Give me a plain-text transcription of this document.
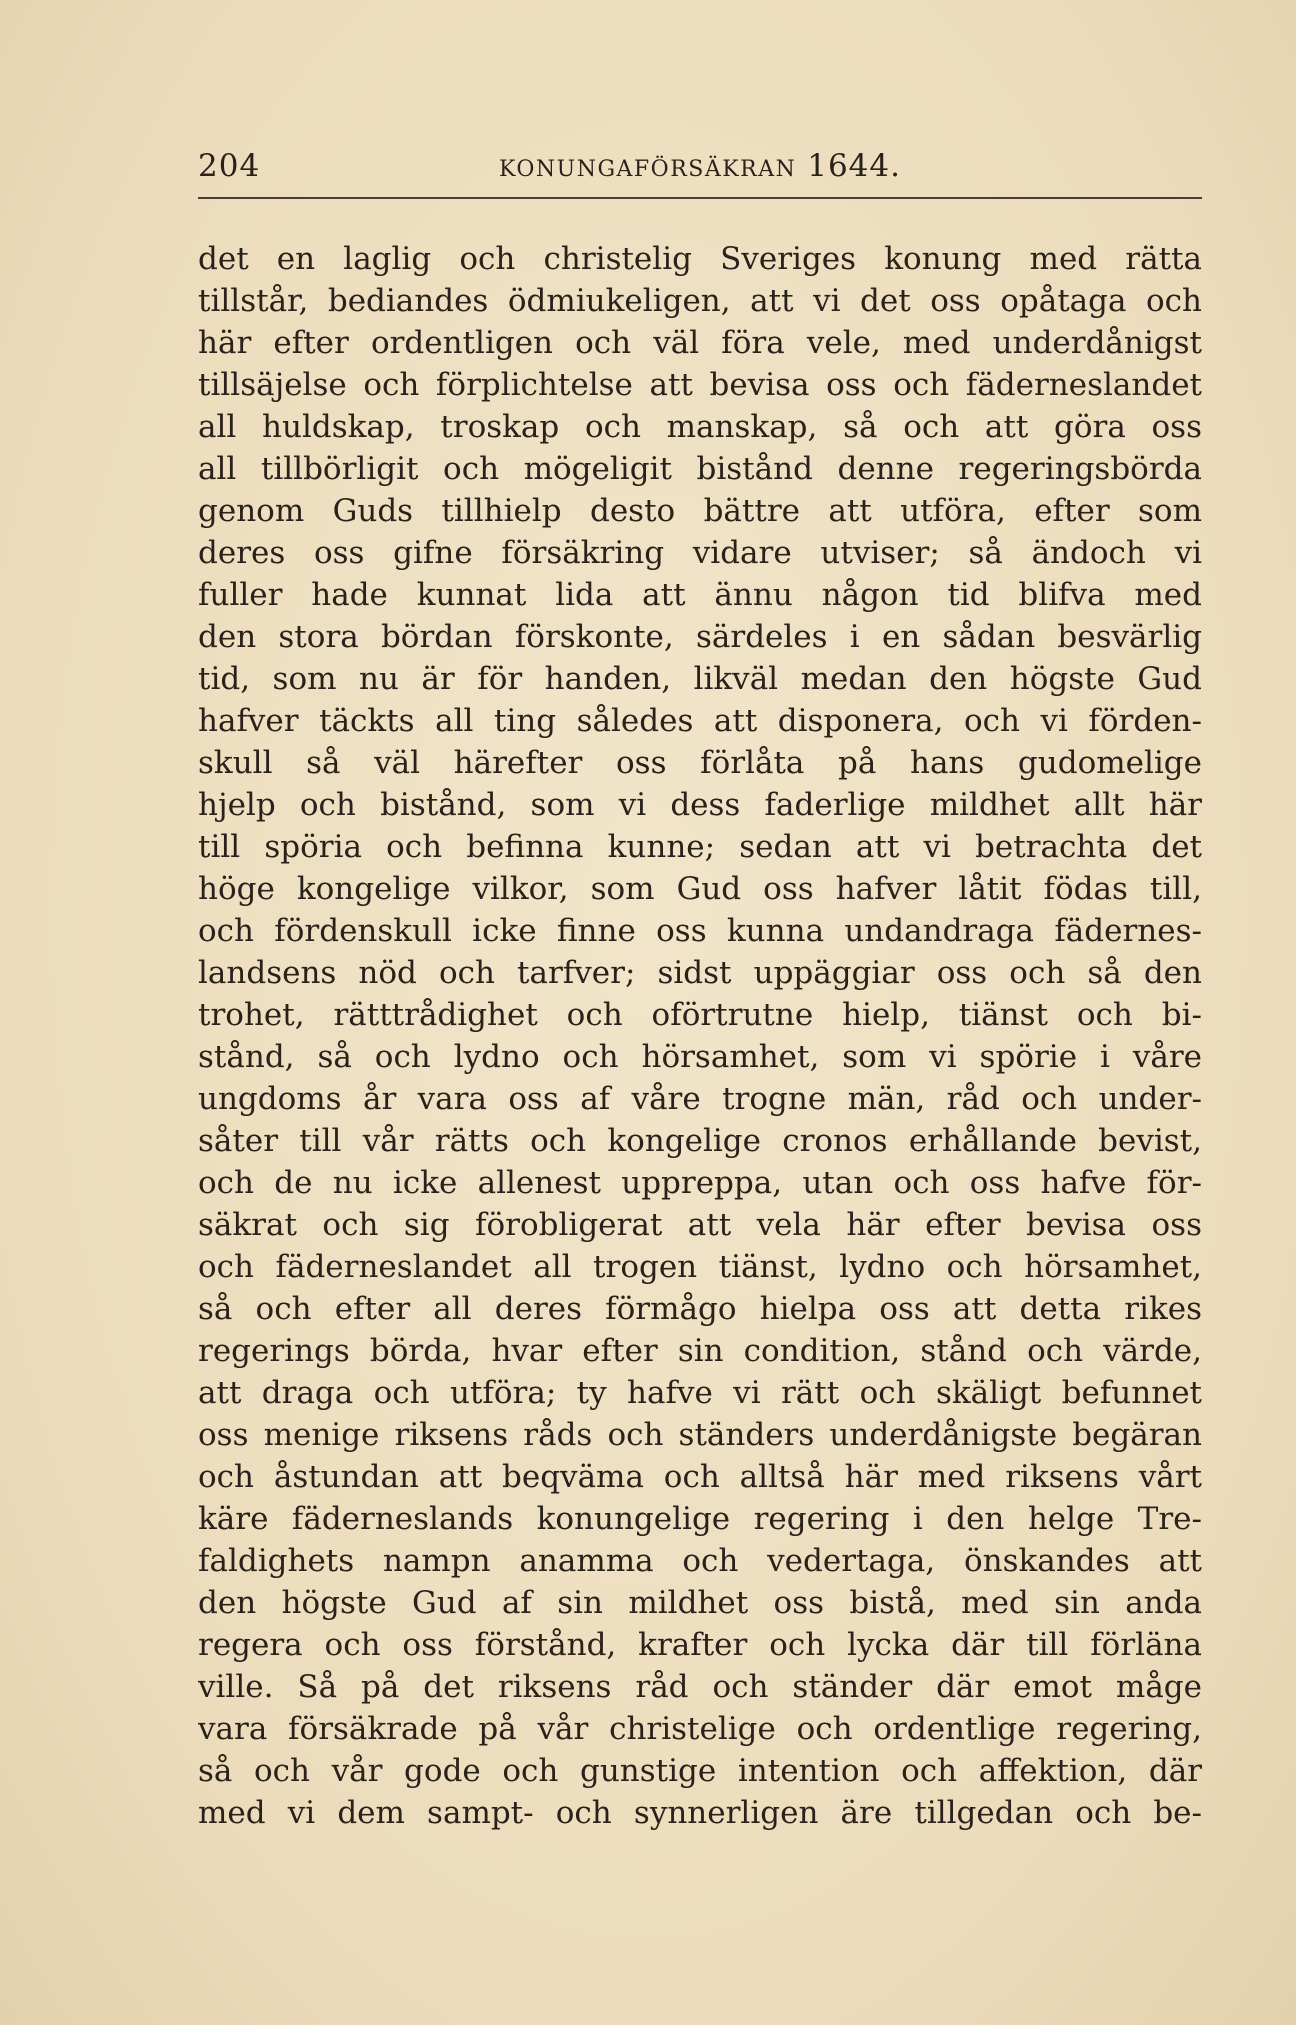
204	KONUNGAFÖRSÄKRAN 1644.
det en laglig och christelig Sveriges konung med rätta
tillstår, bediandes ödmiukeligen, att vi det oss opåtaga och
här efter ordentligen och väl föra vele, med underdånigst
tillsäjelse och förplichtelse att bevisa oss och fäderneslandet
all huldskap, troskap och manskap, så och att göra oss
all tillbörligit och mögeligit bistånd denne regeringsbörda
genom Guds tillhielp desto bättre att utföra, efter som
deres oss gifne försäkring vidare utviser; så ändoch vi
fuller hade kunnat lida att ännu någon tid blifva med
den stora bördan förskonte, särdeles i en sådan besvärlig
tid, som nu är för handen, likväl medan den högste Gud
hafver täckts all ting således att disponera, och vi förden-
skull så väl härefter oss förlåta på hans gudomelige
hjelp och bistånd, som vi dess faderlige mildhet allt här
till spöria och befinna kunne; sedan att vi betrachta det
höge kongelige vilkor, som Gud oss hafver låtit födas till,
och fördenskull icke finne oss kunna undandraga fädernes-
landsens nöd och tarfver; sidst uppäggiar oss och så den
trohet, rätttrådighet och oförtrutne hielp, tiänst och bi-
stånd, så och lydno och hörsamhet, som vi spörie i våre
ungdoms år vara oss af våre trogne män, råd och under-
såter till vår rätts och kongelige cronos erhållande bevist,
och de nu icke allenest uppreppa, utan och oss hafve för-
säkrat och sig förobligerat att vela här efter bevisa oss
och fäderneslandet all trogen tiänst, lydno och hörsamhet,
så och efter all deres förmågo hielpa oss att detta rikes
regerings börda, hvar efter sin condition, stånd och värde,
att draga och utföra; ty hafve vi rätt och skäligt befunnet
oss menige riksens råds och ständers underdånigste begäran
och åstundan att beqväma och alltså här med riksens vårt
käre fäderneslands konungelige regering i den helge Tre-
faldighets nampn anamma och vedertaga, önskandes att
den högste Gud af sin mildhet oss bistå, med sin anda
regera och oss förstånd, krafter och lycka där till förläna
ville. Så på det riksens råd och ständer där emot måge
vara försäkrade på vår christelige och ordentlige regering,
så och vår gode och gunstige intention och affektion, där
med vi dem sampt- och synnerligen äre tillgedan och be-
